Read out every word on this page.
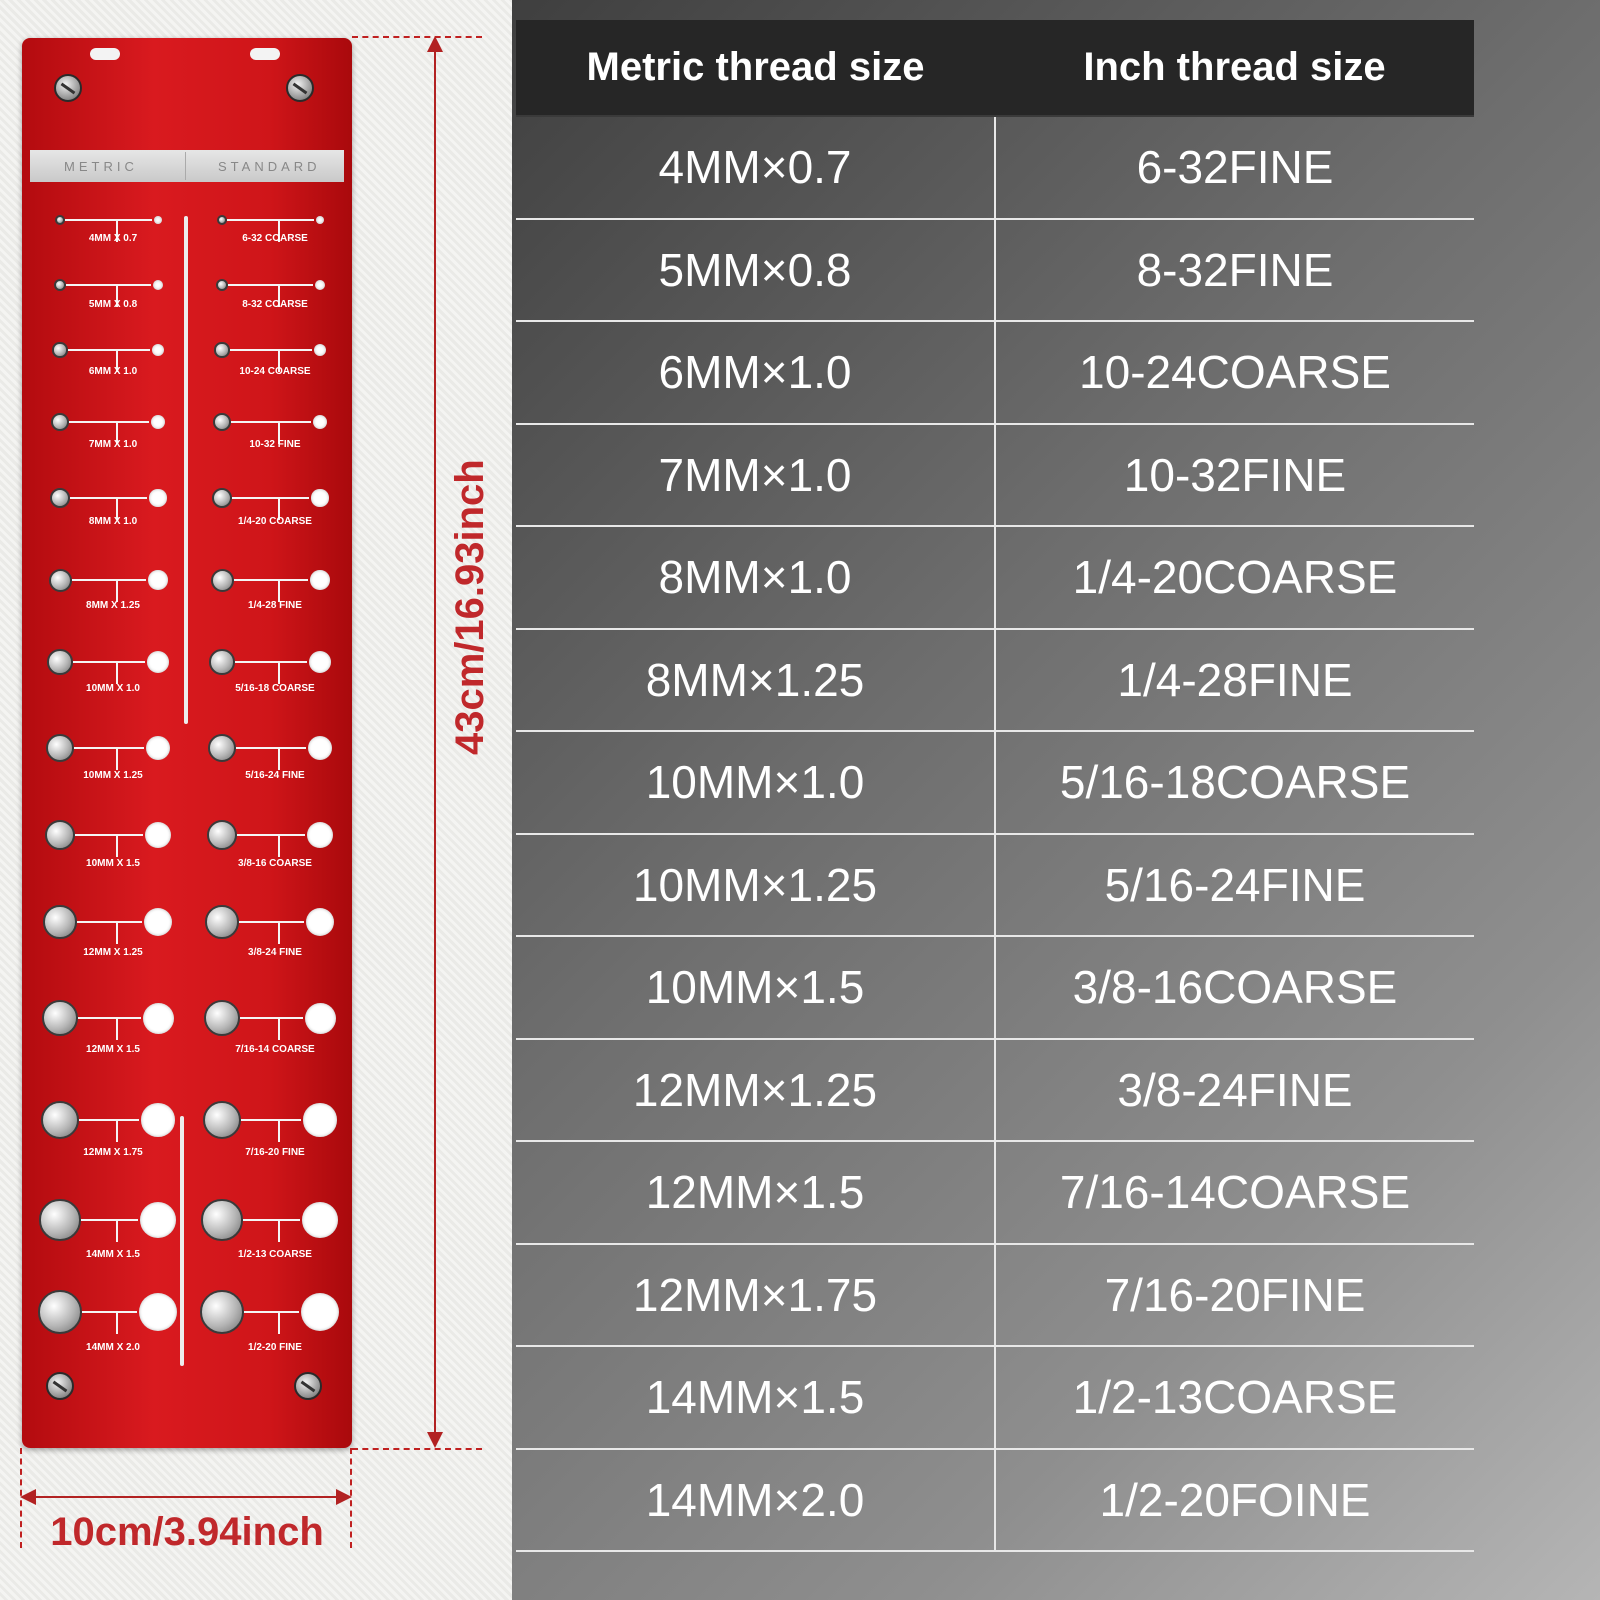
METRIC	STANDARD
4MM X 0.7	6-32 COARSE
5MM X 0.8	8-32 COARSE
6MM X 1.0	10-24 COARSE
7MM X 1.0	10-32 FINE
8MM X 1.0	1/4-20 COARSE
8MM X 1.25	1/4-28 FINE
10MM X 1.0	5/16-18 COARSE
10MM X 1.25	5/16-24 FINE
10MM X 1.5	3/8-16 COARSE
12MM X 1.25	3/8-24 FINE
12MM X 1.5	7/16-14 COARSE
12MM X 1.75	7/16-20 FINE
14MM X 1.5	1/2-13 COARSE
14MM X 2.0	1/2-20 FINE
43cm/16.93inch
10cm/3.94inch
Metric thread size	Inch thread size
4MM×0.7	6-32FINE
5MM×0.8	8-32FINE
6MM×1.0	10-24COARSE
7MM×1.0	10-32FINE
8MM×1.0	1/4-20COARSE
8MM×1.25	1/4-28FINE
10MM×1.0	5/16-18COARSE
10MM×1.25	5/16-24FINE
10MM×1.5	3/8-16COARSE
12MM×1.25	3/8-24FINE
12MM×1.5	7/16-14COARSE
12MM×1.75	7/16-20FINE
14MM×1.5	1/2-13COARSE
14MM×2.0	1/2-20FOINE
